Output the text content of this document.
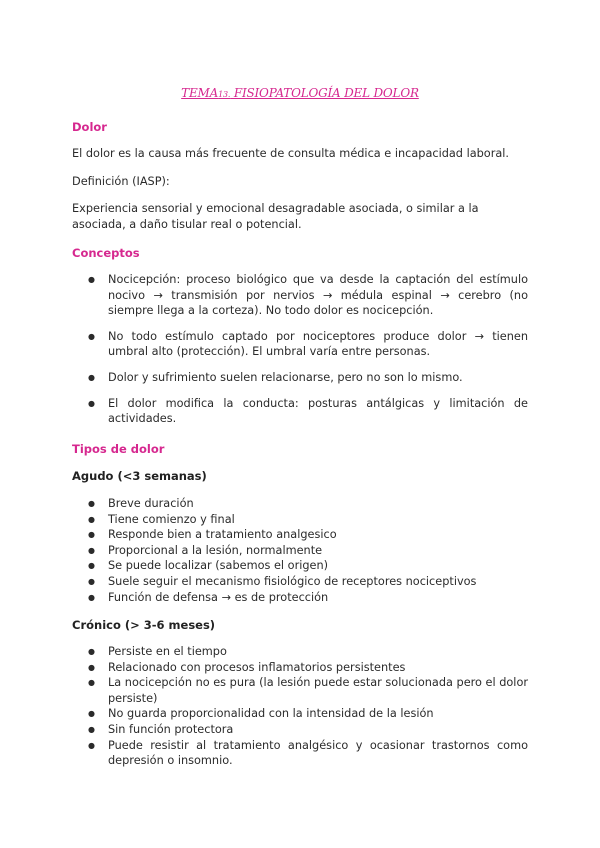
TEMA13. FISIOPATOLOGÍA DEL DOLOR
Dolor
El dolor es la causa más frecuente de consulta médica e incapacidad laboral.
Definición (IASP):
Experiencia sensorial y emocional desagradable asociada, o similar a la asociada, a daño tisular real o potencial.
Conceptos
● Nocicepción: proceso biológico que va desde la captación del estímulo nocivo → transmisión por nervios → médula espinal → cerebro (no siempre llega a la corteza). No todo dolor es nocicepción.
● No todo estímulo captado por nociceptores produce dolor → tienen umbral alto (protección). El umbral varía entre personas.
● Dolor y sufrimiento suelen relacionarse, pero no son lo mismo.
● El dolor modifica la conducta: posturas antálgicas y limitación de actividades.
Tipos de dolor
Agudo (<3 semanas)
● Breve duración
● Tiene comienzo y final
● Responde bien a tratamiento analgesico
● Proporcional a la lesión, normalmente
● Se puede localizar (sabemos el origen)
● Suele seguir el mecanismo fisiológico de receptores nociceptivos
● Función de defensa → es de protección
Crónico (> 3-6 meses)
● Persiste en el tiempo
● Relacionado con procesos inflamatorios persistentes
● La nocicepción no es pura (la lesión puede estar solucionada pero el dolor persiste)
● No guarda proporcionalidad con la intensidad de la lesión
● Sin función protectora
● Puede resistir al tratamiento analgésico y ocasionar trastornos como depresión o insomnio.
